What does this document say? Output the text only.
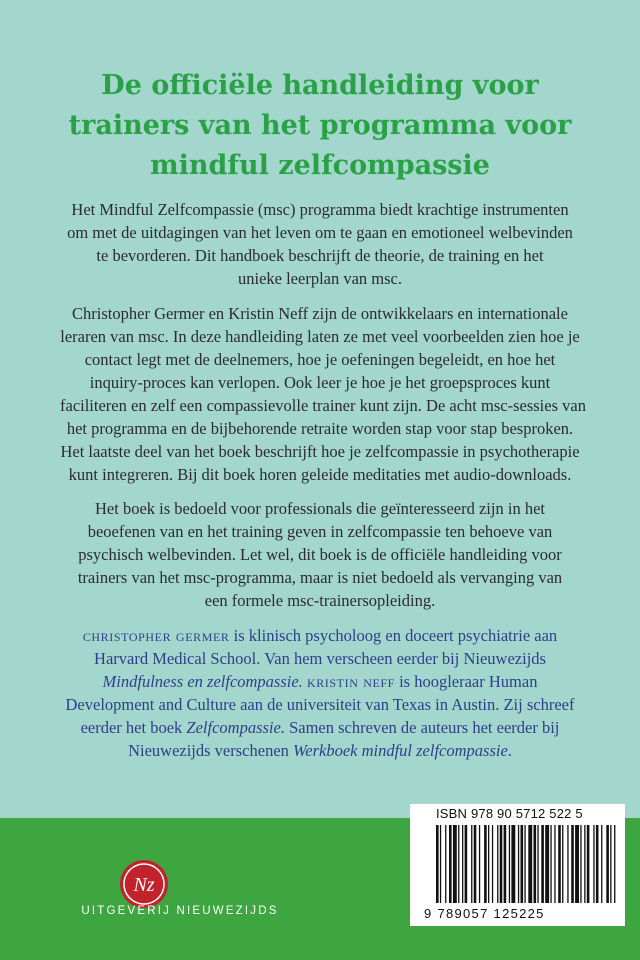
De officiële handleiding voor
trainers van het programma voor
mindful zelfcompassie
Het Mindful Zelfcompassie (msc) programma biedt krachtige instrumenten
om met de uitdagingen van het leven om te gaan en emotioneel welbevinden
te bevorderen. Dit handboek beschrijft de theorie, de training en het
unieke leerplan van msc.
Christopher Germer en Kristin Neff zijn de ontwikkelaars en internationale
leraren van msc. In deze handleiding laten ze met veel voorbeelden zien hoe je
contact legt met de deelnemers, hoe je oefeningen begeleidt, en hoe het
inquiry-proces kan verlopen. Ook leer je hoe je het groepsproces kunt
faciliteren en zelf een compassievolle trainer kunt zijn. De acht msc-sessies van
het programma en de bijbehorende retraite worden stap voor stap besproken.
Het laatste deel van het boek beschrijft hoe je zelfcompassie in psychotherapie
kunt integreren. Bij dit boek horen geleide meditaties met audio-downloads.
Het boek is bedoeld voor professionals die geïnteresseerd zijn in het
beoefenen van en het training geven in zelfcompassie ten behoeve van
psychisch welbevinden. Let wel, dit boek is de officiële handleiding voor
trainers van het msc-programma, maar is niet bedoeld als vervanging van
een formele msc-trainersopleiding.
christopher germer is klinisch psycholoog en doceert psychiatrie aan
Harvard Medical School. Van hem verscheen eerder bij Nieuwezijds
Mindfulness en zelfcompassie. kristin neff is hoogleraar Human
Development and Culture aan de universiteit van Texas in Austin. Zij schreef
eerder het boek Zelfcompassie. Samen schreven de auteurs het eerder bij
Nieuwezijds verschenen Werkboek mindful zelfcompassie.
Nz
UITGEVERIJ NIEUWEZIJDS
ISBN 978 90 5712 522 5
9 789057 125225
